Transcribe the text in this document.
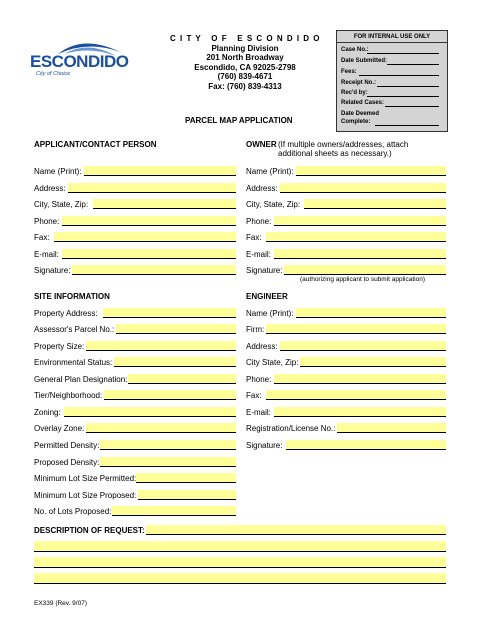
ESCONDIDO
City of Choice
C I T Y   O F   E S C O N D I D O
Planning Division
201 North Broadway
Escondido, CA 92025-2798
(760) 839-4671
Fax: (760) 839-4313
PARCEL MAP APPLICATION
FOR INTERNAL USE ONLY
Case No.:
Date Submitted:
Fees:
Receipt No.:
Rec'd by:
Related Cases:
Date Deemed
Complete:
APPLICANT/CONTACT PERSON
Name (Print):
Address:
City, State, Zip:
Phone:
Fax:
E-mail:
Signature:
OWNER (If multiple owners/addresses, attach
additional sheets as necessary.)
Name (Print):
Address:
City, State, Zip:
Phone:
Fax:
E-mail:
Signature:
(authorizing applicant to submit application)
SITE INFORMATION
Property Address:
Assessor's Parcel No.:
Property Size:
Environmental Status:
General Plan Designation:
Tier/Neighborhood:
Zoning:
Overlay Zone:
Permitted Density:
Proposed Density:
Minimum Lot Size Permitted:
Minimum Lot Size Proposed:
No. of Lots Proposed:
ENGINEER
Name (Print):
Firm:
Address:
City State, Zip:
Phone:
Fax:
E-mail:
Registration/License No.:
Signature:
DESCRIPTION OF REQUEST:
EX339 (Rev. 9/07)
